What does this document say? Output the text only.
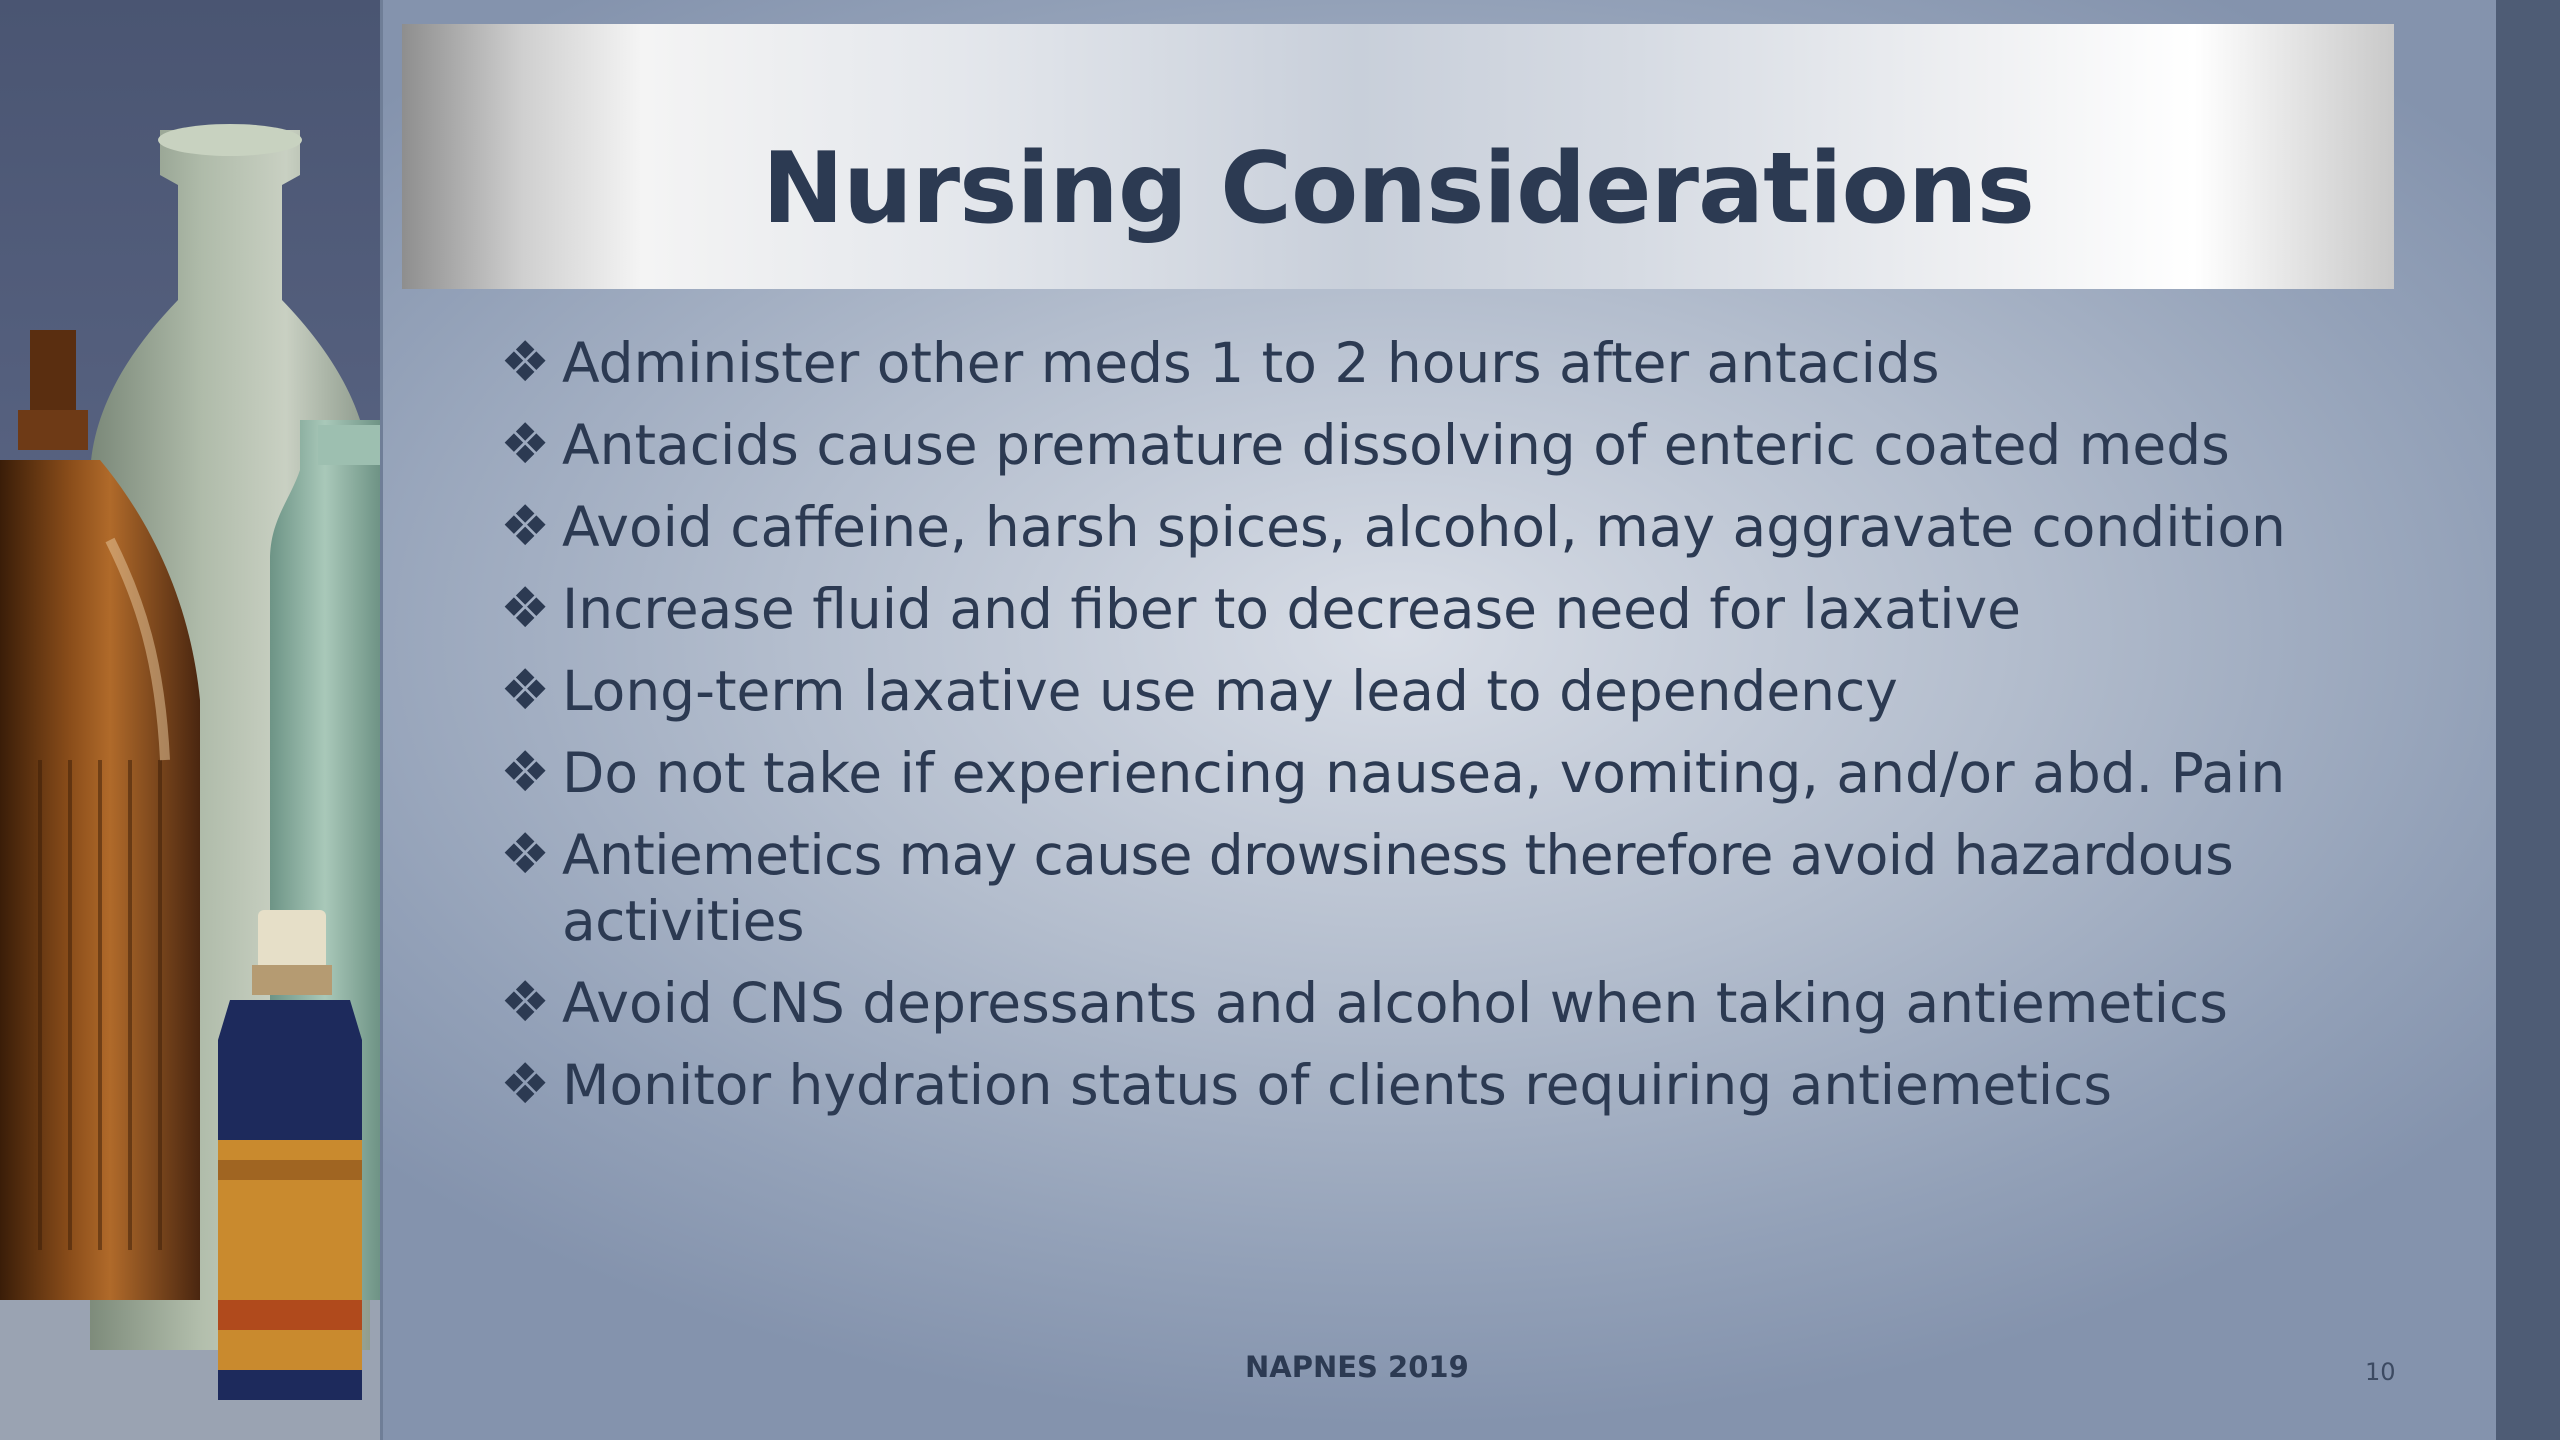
Nursing Considerations
❖ Administer other meds 1 to 2 hours after antacids
❖ Antacids cause premature dissolving of enteric coated meds
❖ Avoid caffeine, harsh spices, alcohol, may aggravate condition
❖ Increase fluid and fiber to decrease need for laxative
❖ Long-term laxative use may lead to dependency
❖ Do not take if experiencing nausea, vomiting, and/or abd. Pain
❖ Antiemetics may cause drowsiness therefore avoid hazardous activities
❖ Avoid CNS depressants and alcohol when taking antiemetics
❖ Monitor hydration status of clients requiring antiemetics
NAPNES 2019	10
